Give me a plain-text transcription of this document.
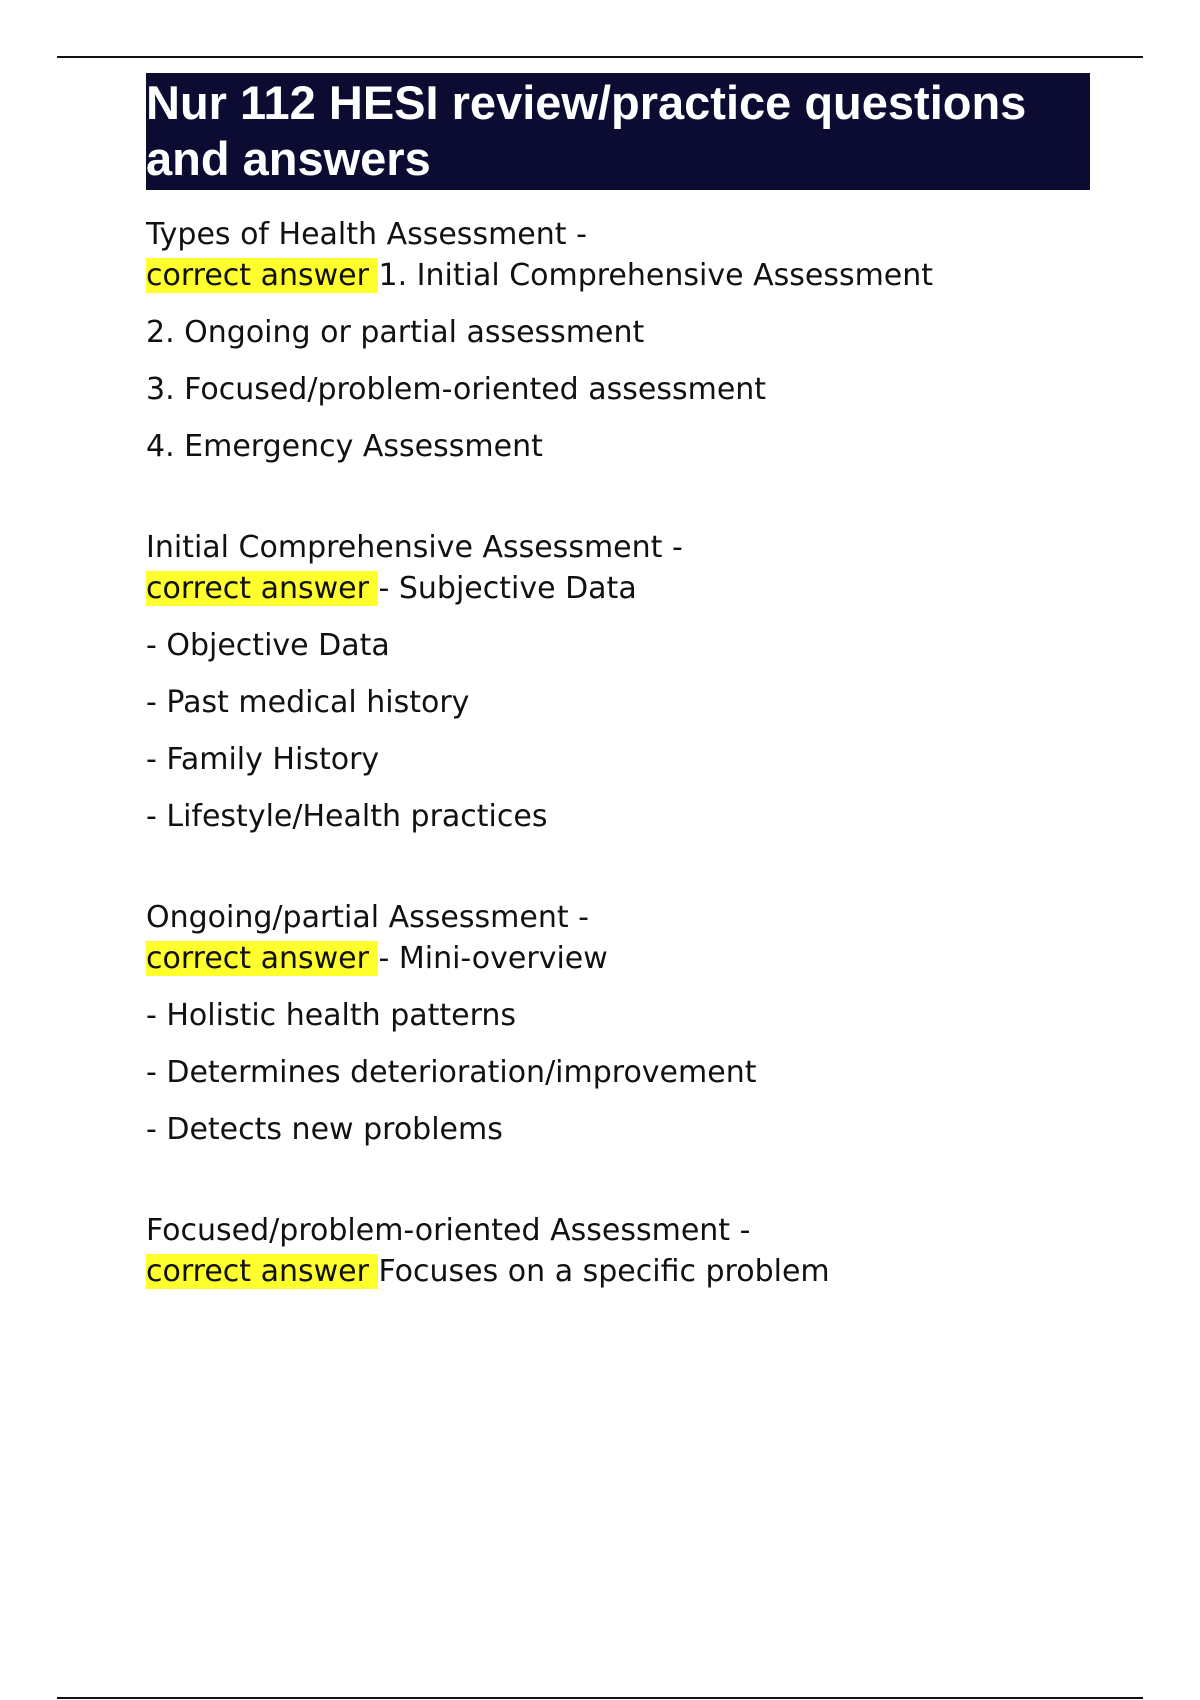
Nur 112 HESI review/practice questions and answers
Types of Health Assessment -
correct answer 1. Initial Comprehensive Assessment
2. Ongoing or partial assessment
3. Focused/problem-oriented assessment
4. Emergency Assessment
Initial Comprehensive Assessment -
correct answer - Subjective Data
- Objective Data
- Past medical history
- Family History
- Lifestyle/Health practices
Ongoing/partial Assessment -
correct answer - Mini-overview
- Holistic health patterns
- Determines deterioration/improvement
- Detects new problems
Focused/problem-oriented Assessment -
correct answer Focuses on a specific problem
